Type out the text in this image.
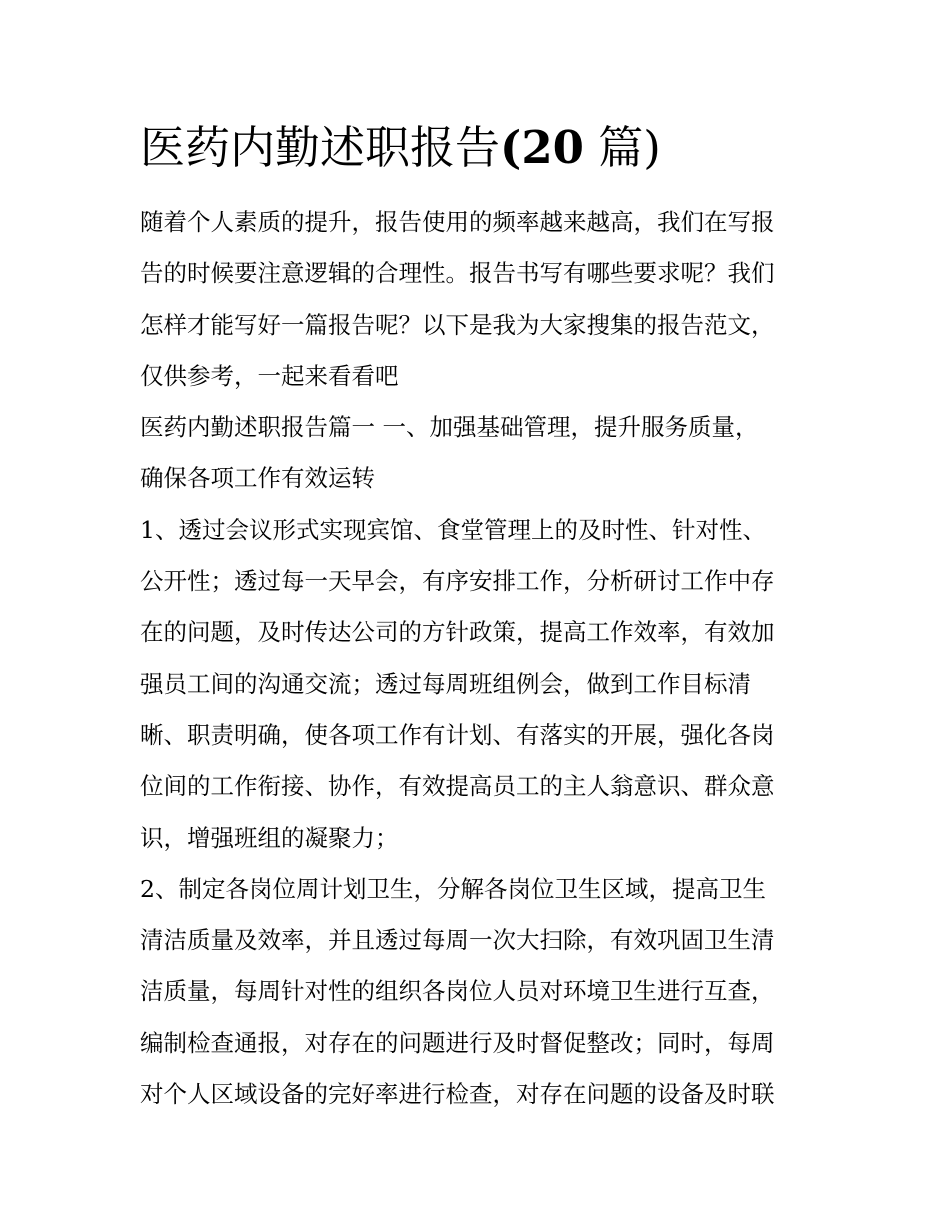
医药内勤述职报告(20 篇)
随着个人素质的提升，报告使用的频率越来越高，我们在写报
告的时候要注意逻辑的合理性。报告书写有哪些要求呢？我们
怎样才能写好一篇报告呢？以下是我为大家搜集的报告范文，
仅供参考，一起来看看吧
医药内勤述职报告篇一 一、加强基础管理，提升服务质量，
确保各项工作有效运转
1、透过会议形式实现宾馆、食堂管理上的及时性、针对性、
公开性；透过每一天早会，有序安排工作，分析研讨工作中存
在的问题，及时传达公司的方针政策，提高工作效率，有效加
强员工间的沟通交流；透过每周班组例会，做到工作目标清
晰、职责明确，使各项工作有计划、有落实的开展，强化各岗
位间的工作衔接、协作，有效提高员工的主人翁意识、群众意
识，增强班组的凝聚力；
2、制定各岗位周计划卫生，分解各岗位卫生区域，提高卫生
清洁质量及效率，并且透过每周一次大扫除，有效巩固卫生清
洁质量，每周针对性的组织各岗位人员对环境卫生进行互查，
编制检查通报，对存在的问题进行及时督促整改；同时，每周
对个人区域设备的完好率进行检查，对存在问题的设备及时联
